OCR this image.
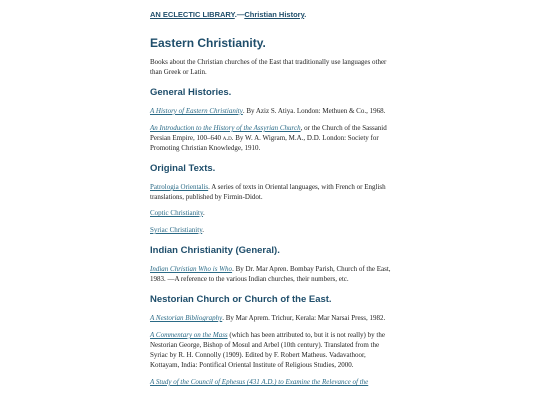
AN ECLECTIC LIBRARY.—Christian History.
Eastern Christianity.

Books about the Christian churches of the East that traditionally use languages other than Greek or Latin.

General Histories.

A History of Eastern Christianity. By Aziz S. Atiya. London: Methuen & Co., 1968.

An Introduction to the History of the Assyrian Church, or the Church of the Sassanid Persian Empire, 100–640 a.d. By W. A. Wigram, M.A., D.D. London: Society for Promoting Christian Knowledge, 1910.

Original Texts.

Patrologia Orientalis. A series of texts in Oriental languages, with French or English translations, published by Firmin-Didot.

Coptic Christianity.

Syriac Christianity.

Indian Christianity (General).

Indian Christian Who is Who. By Dr. Mar Apren. Bombay Parish, Church of the East, 1983. —A reference to the various Indian churches, their numbers, etc.

Nestorian Church or Church of the East.

A Nestorian Bibliography. By Mar Aprem. Trichur, Kerala: Mar Narsai Press, 1982.

A Commentary on the Mass (which has been attributed to, but it is not really) by the Nestorian George, Bishop of Mosul and Arbel (10th century). Translated from the Syriac by R. H. Connolly (1909). Edited by F. Robert Matheus. Vadavathoor, Kottayam, India: Pontifical Oriental Institute of Religious Studies, 2000.

A Study of the Council of Ephesus (431 A.D.) to Examine the Relevance of the
